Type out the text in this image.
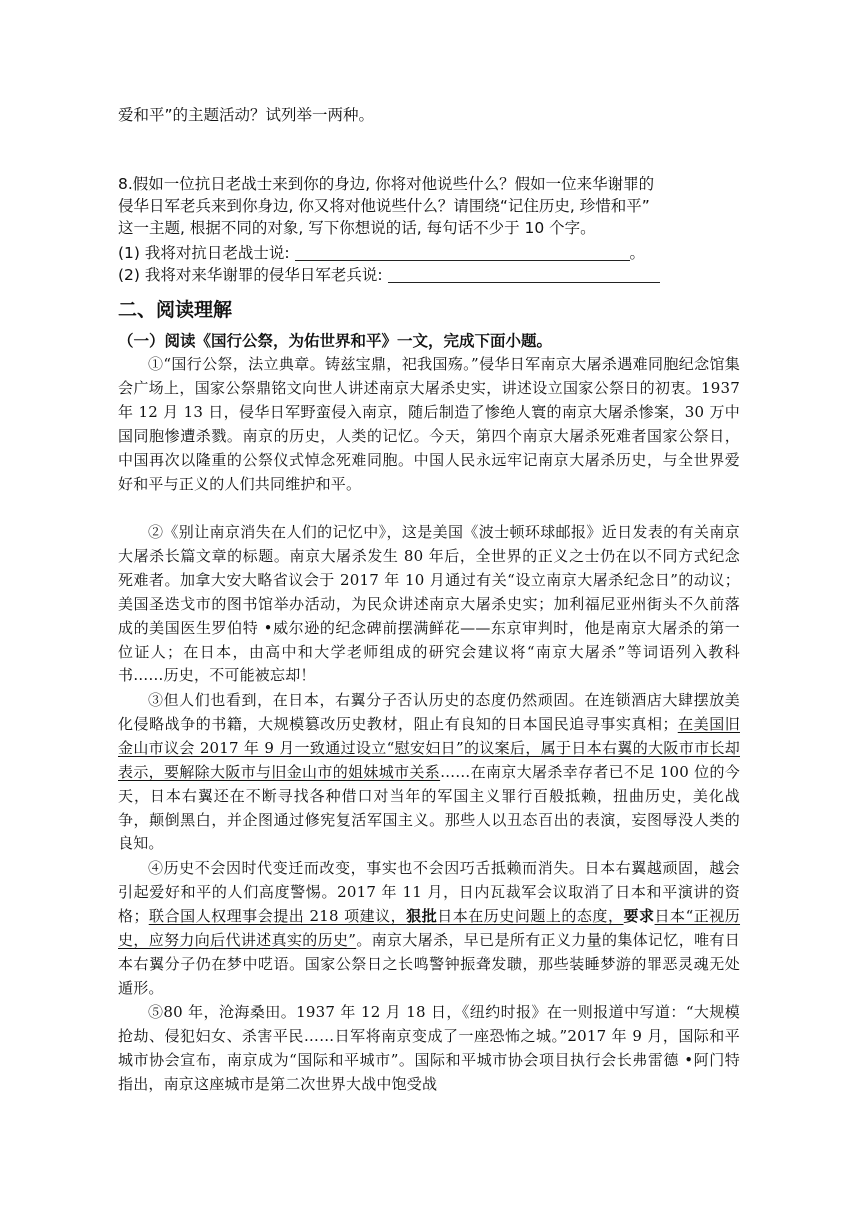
爱和平”的主题活动？试列举一两种。
8.假如一位抗日老战士来到你的身边, 你将对他说些什么？假如一位来华谢罪的
侵华日军老兵来到你身边, 你又将对他说些什么？请围绕“记住历史, 珍惜和平”
这一主题, 根据不同的对象, 写下你想说的话, 每句话不少于 10 个字。
(1) 我将对抗日老战士说:	。
(2) 我将对来华谢罪的侵华日军老兵说:
二、阅读理解
（一）阅读《国行公祭，为佑世界和平》一文，完成下面小题。
①“国行公祭，法立典章。铸兹宝鼎，祀我国殇。”侵华日军南京大屠杀遇难同胞纪念馆集会广场上，国家公祭鼎铭文向世人讲述南京大屠杀史实，讲述设立国家公祭日的初衷。1937 年 12 月 13 日，侵华日军野蛮侵入南京，随后制造了惨绝人寰的南京大屠杀惨案，30 万中国同胞惨遭杀戮。南京的历史，人类的记忆。今天，第四个南京大屠杀死难者国家公祭日，中国再次以隆重的公祭仪式悼念死难同胞。中国人民永远牢记南京大屠杀历史，与全世界爱好和平与正义的人们共同维护和平。
②《别让南京消失在人们的记忆中》，这是美国《波士顿环球邮报》近日发表的有关南京大屠杀长篇文章的标题。南京大屠杀发生 80 年后，全世界的正义之士仍在以不同方式纪念死难者。加拿大安大略省议会于 2017 年 10 月通过有关“设立南京大屠杀纪念日”的动议；美国圣迭戈市的图书馆举办活动，为民众讲述南京大屠杀史实；加利福尼亚州街头不久前落成的美国医生罗伯特 •威尔逊的纪念碑前摆满鲜花——东京审判时，他是南京大屠杀的第一位证人；在日本，由高中和大学老师组成的研究会建议将“南京大屠杀”等词语列入教科书……历史，不可能被忘却！
③但人们也看到，在日本，右翼分子否认历史的态度仍然顽固。在连锁酒店大肆摆放美化侵略战争的书籍，大规模篡改历史教材，阻止有良知的日本国民追寻事实真相；在美国旧金山市议会 2017 年 9 月一致通过设立“慰安妇日”的议案后，属于日本右翼的大阪市市长却表示，要解除大阪市与旧金山市的姐妹城市关系……在南京大屠杀幸存者已不足 100 位的今天，日本右翼还在不断寻找各种借口对当年的军国主义罪行百般抵赖，扭曲历史，美化战争，颠倒黑白，并企图通过修宪复活军国主义。那些人以丑态百出的表演，妄图辱没人类的良知。
④历史不会因时代变迁而改变，事实也不会因巧舌抵赖而消失。日本右翼越顽固，越会引起爱好和平的人们高度警惕。2017 年 11 月，日内瓦裁军会议取消了日本和平演讲的资格；联合国人权理事会提出 218 项建议，狠批日本在历史问题上的态度，要求日本“正视历史，应努力向后代讲述真实的历史”。南京大屠杀，早已是所有正义力量的集体记忆，唯有日本右翼分子仍在梦中呓语。国家公祭日之长鸣警钟振聋发聩，那些装睡梦游的罪恶灵魂无处遁形。
⑤80 年，沧海桑田。1937 年 12 月 18 日，《纽约时报》在一则报道中写道：“大规模抢劫、侵犯妇女、杀害平民……日军将南京变成了一座恐怖之城。”2017 年 9 月，国际和平城市协会宣布，南京成为“国际和平城市”。国际和平城市协会项目执行会长弗雷德 •阿门特指出，南京这座城市是第二次世界大战中饱受战
